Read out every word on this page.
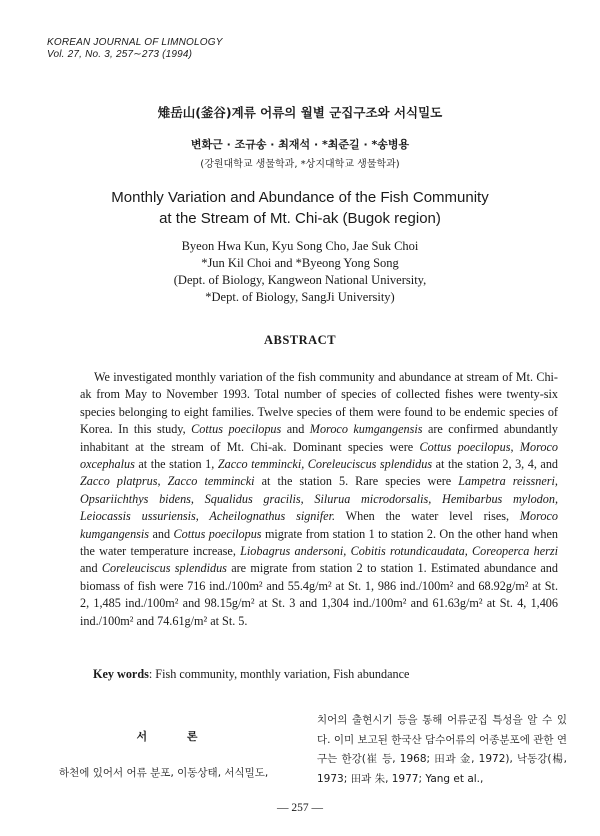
KOREAN JOURNAL OF LIMNOLOGY
Vol. 27, No. 3, 257∼273 (1994)
雉岳山(釜谷)계류 어류의 월별 군집구조와 서식밀도
변화근 · 조규송 · 최재석 · *최준길 · *송병용
(강원대학교 생물학과, *상지대학교 생물학과)
Monthly Variation and Abundance of the Fish Community
at the Stream of Mt. Chi-ak (Bugok region)
Byeon Hwa Kun, Kyu Song Cho, Jae Suk Choi
*Jun Kil Choi and *Byeong Yong Song
(Dept. of Biology, Kangweon National University,
*Dept. of Biology, SangJi University)
ABSTRACT

We investigated monthly variation of the fish community and abundance at stream of Mt. Chi-ak from May to November 1993. Total number of species of collected fishes were twenty-six species belonging to eight families. Twelve species of them were found to be endemic species of Korea. In this study, Cottus poecilopus and Moroco kumgangensis are confirmed abundantly inhabitant at the stream of Mt. Chi-ak. Dominant species were Cottus poecilopus, Moroco oxcephalus at the station 1, Zacco temmincki, Coreleuciscus splendidus at the station 2, 3, 4, and Zacco platprus, Zacco temmincki at the station 5. Rare species were Lampetra reissneri, Opsariichthys bidens, Squalidus gracilis, Silurua microdorsalis, Hemibarbus mylodon, Leiocassis ussuriensis, Acheilognathus signifer. When the water level rises, Moroco kumgangensis and Cottus poecilopus migrate from station 1 to station 2. On the other hand when the water temperature increase, Liobagrus andersoni, Cobitis rotundicaudata, Coreoperca herzi and Coreleuciscus splendidus are migrate from station 2 to station 1. Estimated abundance and biomass of fish were 716 ind./100m² and 55.4g/m² at St. 1, 986 ind./100m² and 68.92g/m² at St. 2, 1,485 ind./100m² and 98.15g/m² at St. 3 and 1,304 ind./100m² and 61.63g/m² at St. 4, 1,406 ind./100m² and 74.61g/m² at St. 5.

Key words: Fish community, monthly variation, Fish abundance
서 론

하천에 있어서 어류 분포, 이동상태, 서식밀도,

치어의 출현시기 등을 통해 어류군집 특성을 알 수 있다. 이미 보고된 한국산 담수어류의 어종분포에 관한 연구는 한강(崔 등, 1968; 田과 金, 1972), 낙동강(楊, 1973; 田과 朱, 1977; Yang et al.,

— 257 —
